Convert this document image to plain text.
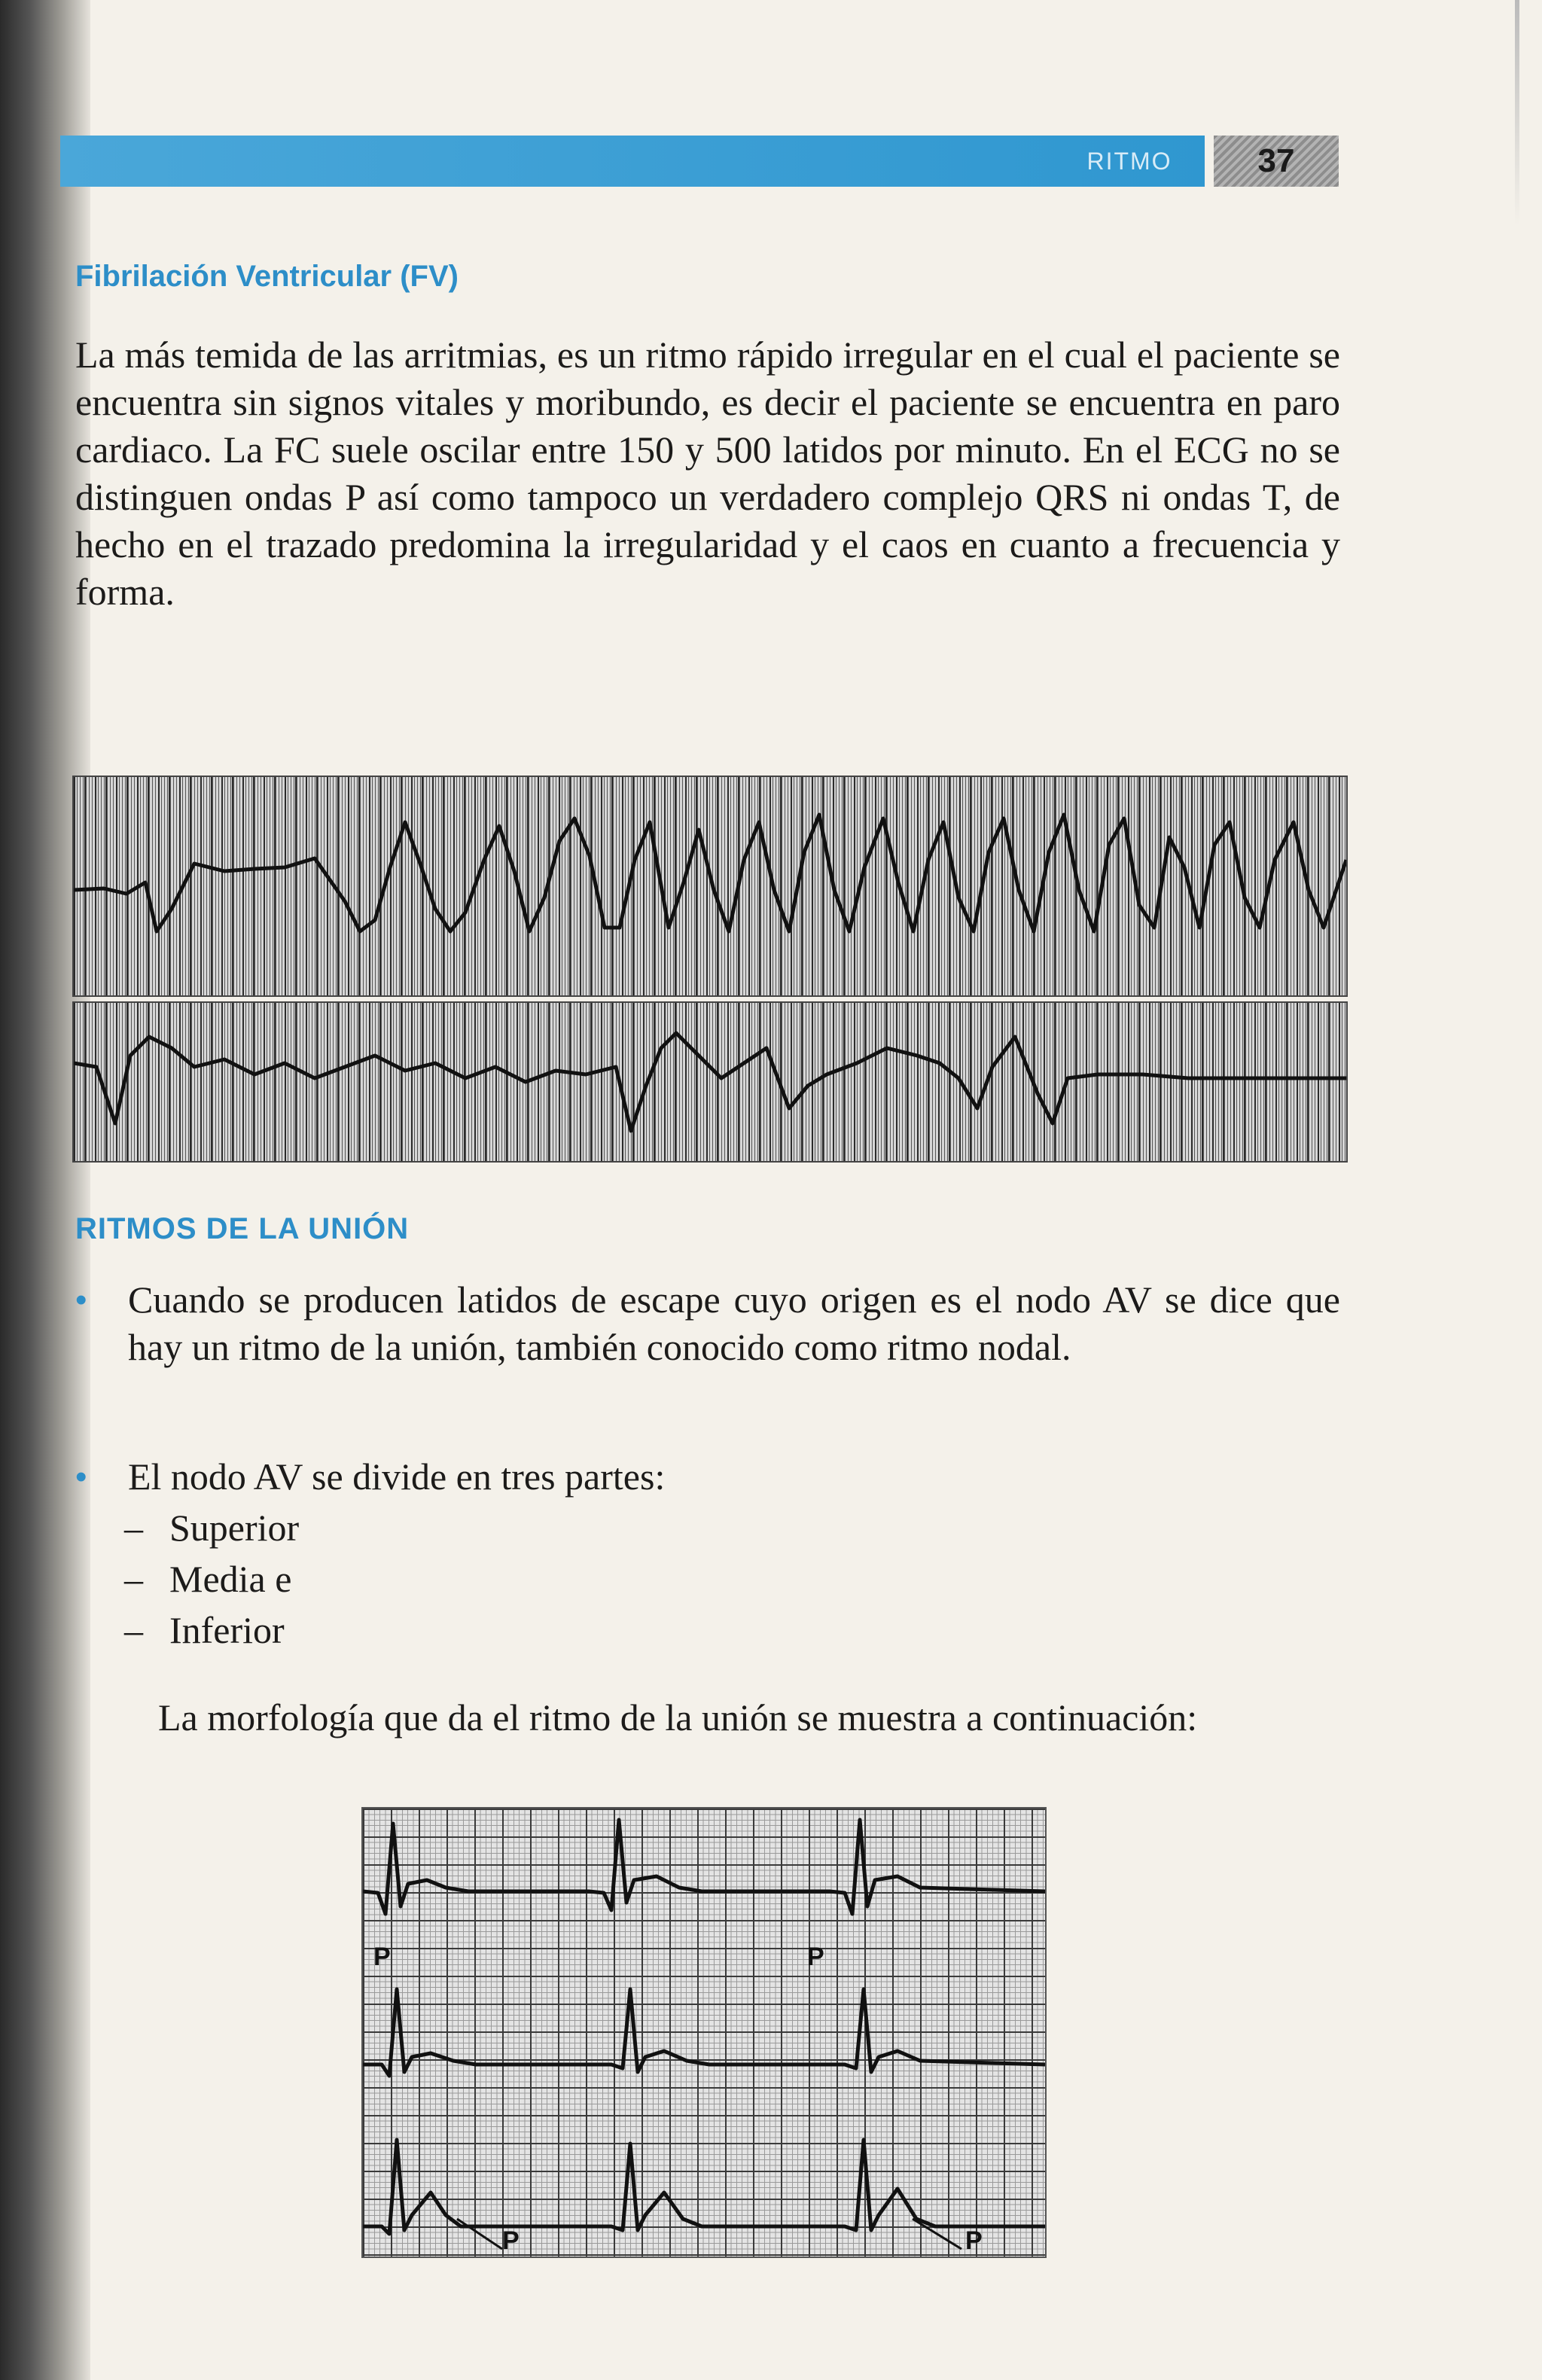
RITMO	37
Fibrilación Ventricular (FV)

La más temida de las arritmias, es un ritmo rápido irregular en el cual el paciente se encuentra sin signos vitales y moribundo, es decir el paciente se encuentra en paro cardiaco. La FC suele oscilar entre 150 y 500 latidos por minuto. En el ECG no se distinguen ondas P así como tampoco un verdadero complejo QRS ni ondas T, de hecho en el trazado predomina la irregularidad y el caos en cuanto a frecuencia y forma.

RITMOS DE LA UNIÓN
•	Cuando se producen latidos de escape cuyo origen es el nodo AV se dice que hay un ritmo de la unión, también conocido como ritmo nodal.
•	El nodo AV se divide en tres partes:
– Superior
– Media e
– Inferior

La morfología que da el ritmo de la unión se muestra a continuación:

P	P
P	P
